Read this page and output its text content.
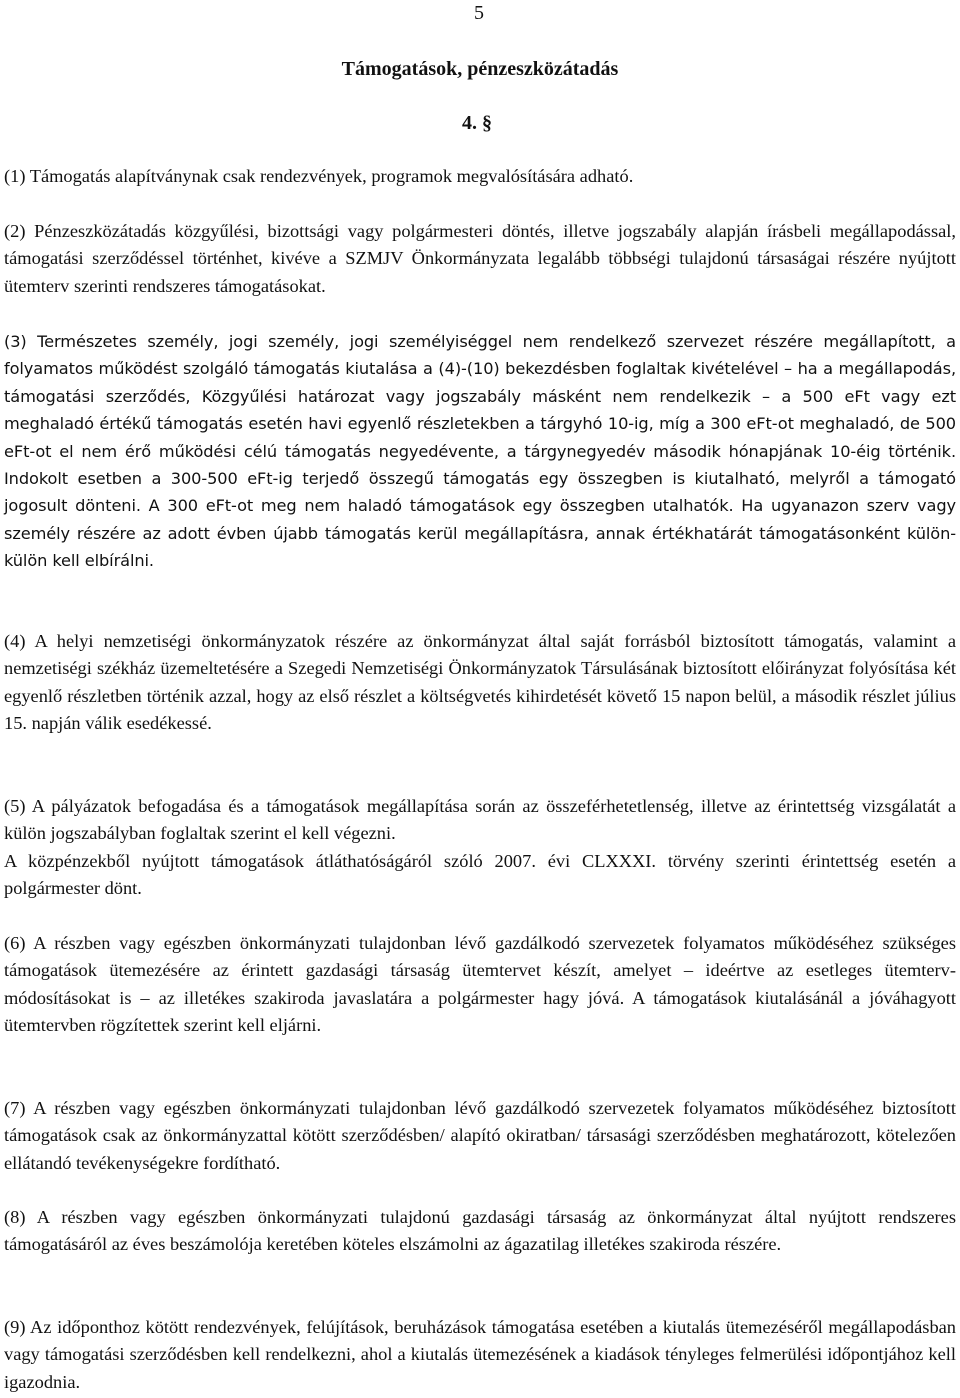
5
Támogatások, pénzeszközátadás
4. §

(1) Támogatás alapítványnak csak rendezvények, programok megvalósítására adható.

(2) Pénzeszközátadás közgyűlési, bizottsági vagy polgármesteri döntés, illetve jogszabály alapján írásbeli megállapodással, támogatási szerződéssel történhet, kivéve a SZMJV Önkormányzata legalább többségi tulajdonú társaságai részére nyújtott ütemterv szerinti rendszeres támogatásokat.

(3) Természetes személy, jogi személy, jogi személyiséggel nem rendelkező szervezet részére megállapított, a folyamatos működést szolgáló támogatás kiutalása a (4)-(10) bekezdésben foglaltak kivételével – ha a megállapodás, támogatási szerződés, Közgyűlési határozat vagy jogszabály másként nem rendelkezik – a 500 eFt vagy ezt meghaladó értékű támogatás esetén havi egyenlő részletekben a tárgyhó 10-ig, míg a 300 eFt-ot meghaladó, de 500 eFt-ot el nem érő működési célú támogatás negyedévente, a tárgynegyedév második hónapjának 10-éig történik. Indokolt esetben a 300-500 eFt-ig terjedő összegű támogatás egy összegben is kiutalható, melyről a támogató jogosult dönteni. A 300 eFt-ot meg nem haladó támogatások egy összegben utalhatók. Ha ugyanazon szerv vagy személy részére az adott évben újabb támogatás kerül megállapításra, annak értékhatárát támogatásonként külön-külön kell elbírálni.

(4) A helyi nemzetiségi önkormányzatok részére az önkormányzat által saját forrásból biztosított támogatás, valamint a nemzetiségi székház üzemeltetésére a Szegedi Nemzetiségi Önkormányzatok Társulásának biztosított előirányzat folyósítása két egyenlő részletben történik azzal, hogy az első részlet a költségvetés kihirdetését követő 15 napon belül, a második részlet július 15. napján válik esedékessé.

(5) A pályázatok befogadása és a támogatások megállapítása során az összeférhetetlenség, illetve az érintettség vizsgálatát a külön jogszabályban foglaltak szerint el kell végezni.

A közpénzekből nyújtott támogatások átláthatóságáról szóló 2007. évi CLXXXI. törvény szerinti érintettség esetén a polgármester dönt.

(6) A részben vagy egészben önkormányzati tulajdonban lévő gazdálkodó szervezetek folyamatos működéséhez szükséges támogatások ütemezésére az érintett gazdasági társaság ütemtervet készít, amelyet – ideértve az esetleges ütemterv-módosításokat is – az illetékes szakiroda javaslatára a polgármester hagy jóvá. A támogatások kiutalásánál a jóváhagyott ütemtervben rögzítettek szerint kell eljárni.

(7) A részben vagy egészben önkormányzati tulajdonban lévő gazdálkodó szervezetek folyamatos működéséhez biztosított támogatások csak az önkormányzattal kötött szerződésben/ alapító okiratban/ társasági szerződésben meghatározott, kötelezően ellátandó tevékenységekre fordítható.

(8) A részben vagy egészben önkormányzati tulajdonú gazdasági társaság az önkormányzat által nyújtott rendszeres támogatásáról az éves beszámolója keretében köteles elszámolni az ágazatilag illetékes szakiroda részére.

(9) Az időponthoz kötött rendezvények, felújítások, beruházások támogatása esetében a kiutalás ütemezéséről megállapodásban vagy támogatási szerződésben kell rendelkezni, ahol a kiutalás ütemezésének a kiadások tényleges felmerülési időpontjához kell igazodnia.
